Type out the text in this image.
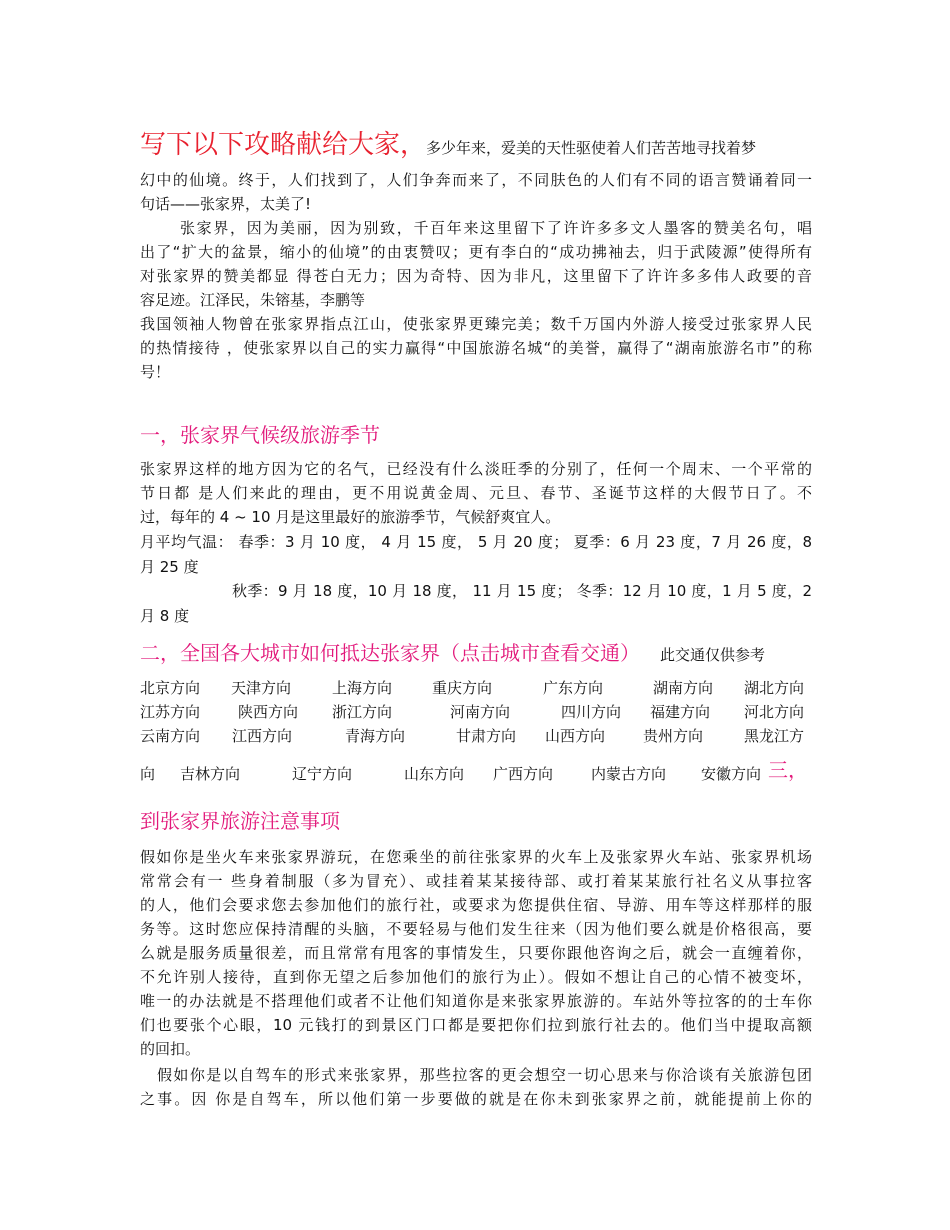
写下以下攻略献给大家，多少年来，爱美的天性驱使着人们苦苦地寻找着梦
幻中的仙境。终于，人们找到了，人们争奔而来了，不同肤色的人们有不同的语言赞诵着同一
句话——张家界，太美了!
张家界，因为美丽，因为别致，千百年来这里留下了许许多多文人墨客的赞美名句，唱
出了“扩大的盆景，缩小的仙境”的由衷赞叹；更有李白的“成功拂袖去，归于武陵源”使得所有
对张家界的赞美都显 得苍白无力；因为奇特、因为非凡，这里留下了许许多多伟人政要的音
容足迹。江泽民，朱镕基，李鹏等
我国领袖人物曾在张家界指点江山，使张家界更臻完美；数千万国内外游人接受过张家界人民
的热情接待 ，使张家界以自己的实力赢得“中国旅游名城“的美誉，赢得了“湖南旅游名市”的称
号！
一，张家界气候级旅游季节
张家界这样的地方因为它的名气，已经没有什么淡旺季的分别了，任何一个周末、一个平常的
节日都 是人们来此的理由，更不用说黄金周、元旦、春节、圣诞节这样的大假节日了。不
过，每年的 4 ~ 10 月是这里最好的旅游季节，气候舒爽宜人。
月平均气温： 春季：3 月 10 度， 4 月 15 度， 5 月 20 度； 夏季：6 月 23 度，7 月 26 度，8
月 25 度
秋季：9 月 18 度，10 月 18 度， 11 月 15 度； 冬季：12 月 10 度，1 月 5 度，2
月 8 度
二，全国各大城市如何抵达张家界（点击城市查看交通） 此交通仅供参考
北京方向 天津方向	上海方向	重庆方向	广东方向	湖南方向 湖北方向
江苏方向	陕西方向 浙江方向	河南方向	四川方向 福建方向 河北方向
云南方向 江西方向	青海方向	甘肃方向 山西方向	贵州方向	黑龙江方
向 吉林方向	辽宁方向	山东方向 广西方向	内蒙古方向 安徽方向 三，
到张家界旅游注意事项
假如你是坐火车来张家界游玩，在您乘坐的前往张家界的火车上及张家界火车站、张家界机场
常常会有一 些身着制服（多为冒充）、或挂着某某接待部、或打着某某旅行社名义从事拉客
的人，他们会要求您去参加他们的旅行社，或要求为您提供住宿、导游、用车等这样那样的服
务等。这时您应保持清醒的头脑，不要轻易与他们发生往来（因为他们要么就是价格很高，要
么就是服务质量很差，而且常常有甩客的事情发生，只要你跟他咨询之后，就会一直缠着你，
不允许别人接待，直到你无望之后参加他们的旅行为止）。假如不想让自己的心情不被变坏，
唯一的办法就是不搭理他们或者不让他们知道你是来张家界旅游的。车站外等拉客的的士车你
们也要张个心眼，10 元钱打的到景区门口都是要把你们拉到旅行社去的。他们当中提取高额
的回扣。
假如你是以自驾车的形式来张家界，那些拉客的更会想空一切心思来与你洽谈有关旅游包团
之事。因 你是自驾车，所以他们第一步要做的就是在你未到张家界之前，就能提前上你的
